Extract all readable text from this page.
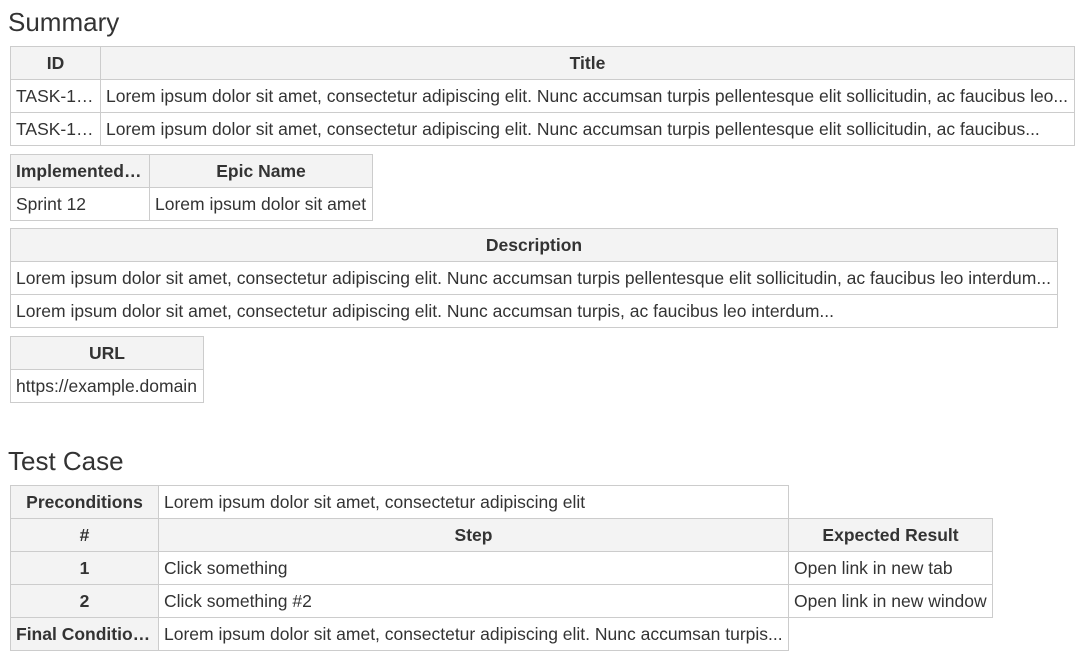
Summary
ID	Title
TASK-123	Lorem ipsum dolor sit amet, consectetur adipiscing elit. Nunc accumsan turpis pellentesque elit sollicitudin, ac faucibus leo...
TASK-134	Lorem ipsum dolor sit amet, consectetur adipiscing elit. Nunc accumsan turpis pellentesque elit sollicitudin, ac faucibus...
Implemented in	Epic Name
Sprint 12	Lorem ipsum dolor sit amet
Description
Lorem ipsum dolor sit amet, consectetur adipiscing elit. Nunc accumsan turpis pellentesque elit sollicitudin, ac faucibus leo interdum...
Lorem ipsum dolor sit amet, consectetur adipiscing elit. Nunc accumsan turpis, ac faucibus leo interdum...
URL
https://example.domain
Test Case
Preconditions	Lorem ipsum dolor sit amet, consectetur adipiscing elit	
#	Step	Expected Result
1	Click something	Open link in new tab
2	Click something #2	Open link in new window
Final Conditions	Lorem ipsum dolor sit amet, consectetur adipiscing elit. Nunc accumsan turpis...	
